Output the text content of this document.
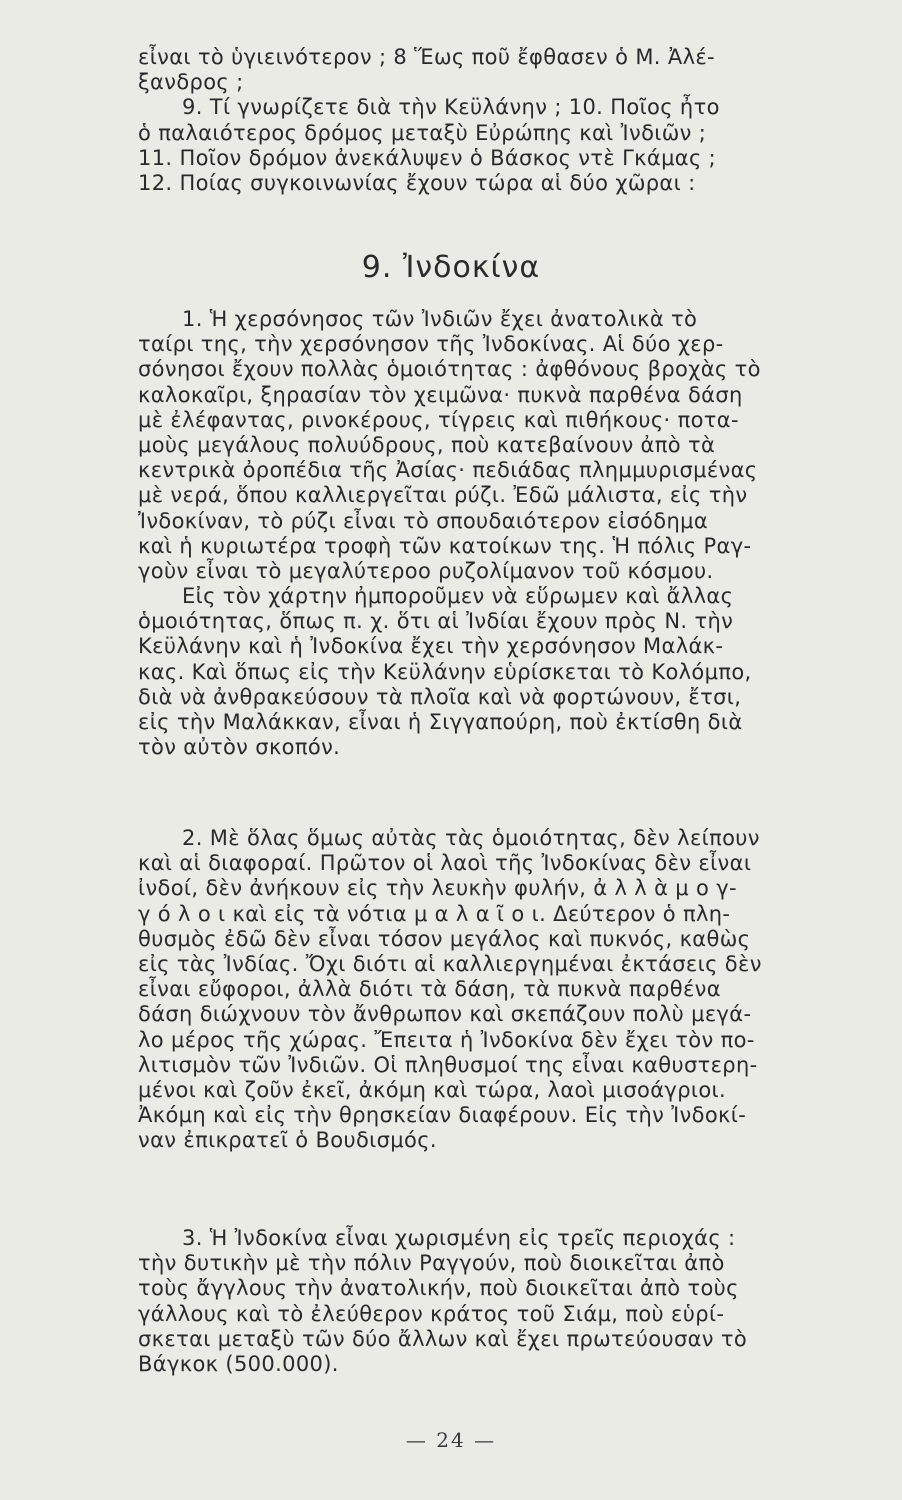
εἶναι τὸ ὑγιεινότερον ; 8 Ἕως ποῦ ἔφθασεν ὁ Μ. Ἀλέ-
ξανδρος ;
9. Τί γνωρίζετε διὰ τὴν Κεϋλάνην ; 10. Ποῖος ἦτο
ὁ παλαιότερος δρόμος μεταξὺ Εὐρώπης καὶ Ἰνδιῶν ;
11. Ποῖον δρόμον ἀνεκάλυψεν ὁ Βάσκος ντὲ Γκάμας ;
12. Ποίας συγκοινωνίας ἔχουν τώρα αἱ δύο χῶραι :
9. Ἰνδοκίνα
1. Ἡ χερσόνησος τῶν Ἰνδιῶν ἔχει ἀνατολικὰ τὸ
ταίρι της, τὴν χερσόνησον τῆς Ἰνδοκίνας. Αἱ δύο χερ-
σόνησοι ἔχουν πολλὰς ὁμοιότητας : ἀφθόνους βροχὰς τὸ
καλοκαῖρι, ξηρασίαν τὸν χειμῶνα· πυκνὰ παρθένα δάση
μὲ ἐλέφαντας, ρινοκέρους, τίγρεις καὶ πιθήκους· ποτα-
μοὺς μεγάλους πολυύδρους, ποὺ κατεβαίνουν ἀπὸ τὰ
κεντρικὰ ὀροπέδια τῆς Ἀσίας· πεδιάδας πλημμυρισμένας
μὲ νερά, ὅπου καλλιεργεῖται ρύζι. Ἐδῶ μάλιστα, εἰς τὴν
Ἰνδοκίναν, τὸ ρύζι εἶναι τὸ σπουδαιότερον εἰσόδημα
καὶ ἡ κυριωτέρα τροφὴ τῶν κατοίκων της. Ἡ πόλις Ραγ-
γοὺν εἶναι τὸ μεγαλύτεροο ρυζολίμανον τοῦ κόσμου.
Εἰς τὸν χάρτην ἠμποροῦμεν νὰ εὕρωμεν καὶ ἄλλας
ὁμοιότητας, ὅπως π. χ. ὅτι αἱ Ἰνδίαι ἔχουν πρὸς Ν. τὴν
Κεϋλάνην καὶ ἡ Ἰνδοκίνα ἔχει τὴν χερσόνησον Μαλάκ-
κας. Καὶ ὅπως εἰς τὴν Κεϋλάνην εὑρίσκεται τὸ Κολόμπο,
διὰ νὰ ἀνθρακεύσουν τὰ πλοῖα καὶ νὰ φορτώνουν, ἔτσι,
εἰς τὴν Μαλάκκαν, εἶναι ἡ Σιγγαπούρη, ποὺ ἐκτίσθη διὰ
τὸν αὐτὸν σκοπόν.
2. Μὲ ὅλας ὅμως αὐτὰς τὰς ὁμοιότητας, δὲν λείπουν
καὶ αἱ διαφοραί. Πρῶτον οἱ λαοὶ τῆς Ἰνδοκίνας δὲν εἶναι
ἰνδοί, δὲν ἀνήκουν εἰς τὴν λευκὴν φυλήν, ἀ λ λ ὰ μ ο γ-
γ ό λ ο ι καὶ εἰς τὰ νότια μ α λ α ῖ ο ι. Δεύτερον ὁ πλη-
θυσμὸς ἐδῶ δὲν εἶναι τόσον μεγάλος καὶ πυκνός, καθὼς
εἰς τὰς Ἰνδίας. Ὄχι διότι αἱ καλλιεργημέναι ἐκτάσεις δὲν
εἶναι εὔφοροι, ἀλλὰ διότι τὰ δάση, τὰ πυκνὰ παρθένα
δάση διώχνουν τὸν ἄνθρωπον καὶ σκεπάζουν πολὺ μεγά-
λο μέρος τῆς χώρας. Ἔπειτα ἡ Ἰνδοκίνα δὲν ἔχει τὸν πο-
λιτισμὸν τῶν Ἰνδιῶν. Οἱ πληθυσμοί της εἶναι καθυστερη-
μένοι καὶ ζοῦν ἐκεῖ, ἀκόμη καὶ τώρα, λαοὶ μισοάγριοι.
Ἀκόμη καὶ εἰς τὴν θρησκείαν διαφέρουν. Εἰς τὴν Ἰνδοκί-
ναν ἐπικρατεῖ ὁ Βουδισμός.
3. Ἡ Ἰνδοκίνα εἶναι χωρισμένη εἰς τρεῖς περιοχάς :
τὴν δυτικὴν μὲ τὴν πόλιν Ραγγούν, ποὺ διοικεῖται ἀπὸ
τοὺς ἄγγλους τὴν ἀνατολικήν, ποὺ διοικεῖται ἀπὸ τοὺς
γάλλους καὶ τὸ ἐλεύθερον κράτος τοῦ Σιάμ, ποὺ εὑρί-
σκεται μεταξὺ τῶν δύο ἄλλων καὶ ἔχει πρωτεύουσαν τὸ
Βάγκοκ (500.000).
— 24 —
